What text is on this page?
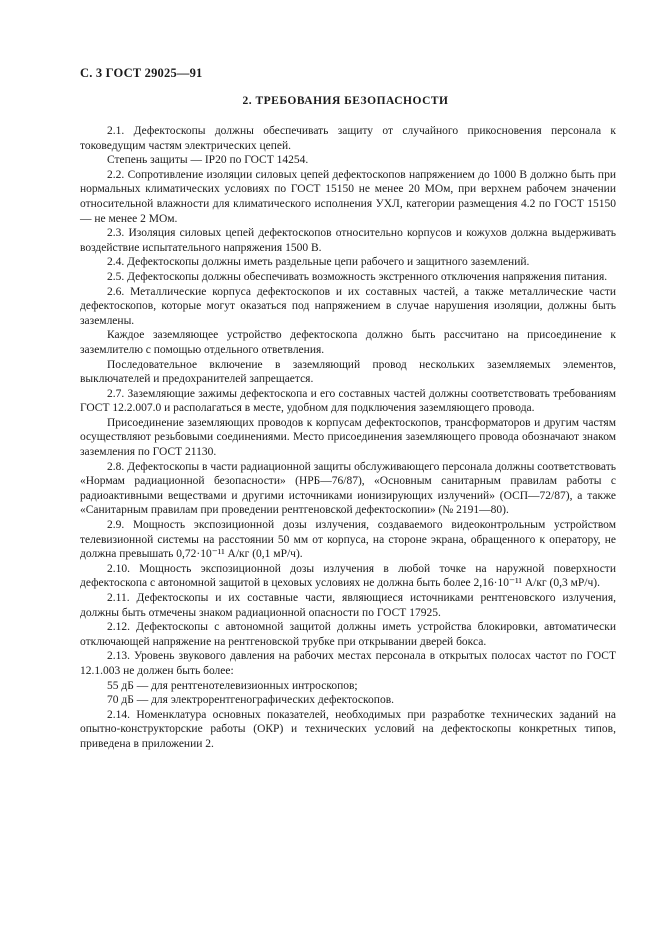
С. 3 ГОСТ 29025—91
2. ТРЕБОВАНИЯ БЕЗОПАСНОСТИ

2.1. Дефектоскопы должны обеспечивать защиту от случайного прикосновения персонала к токоведущим частям электрических цепей.

Степень защиты — IP20 по ГОСТ 14254.

2.2. Сопротивление изоляции силовых цепей дефектоскопов напряжением до 1000 В должно быть при нормальных климатических условиях по ГОСТ 15150 не менее 20 МОм, при верхнем рабочем значении относительной влажности для климатического исполнения УХЛ, категории размещения 4.2 по ГОСТ 15150 — не менее 2 МОм.

2.3. Изоляция силовых цепей дефектоскопов относительно корпусов и кожухов должна выдерживать воздействие испытательного напряжения 1500 В.

2.4. Дефектоскопы должны иметь раздельные цепи рабочего и защитного заземлений.

2.5. Дефектоскопы должны обеспечивать возможность экстренного отключения напряжения питания.

2.6. Металлические корпуса дефектоскопов и их составных частей, а также металлические части дефектоскопов, которые могут оказаться под напряжением в случае нарушения изоляции, должны быть заземлены.

Каждое заземляющее устройство дефектоскопа должно быть рассчитано на присоединение к заземлителю с помощью отдельного ответвления.

Последовательное включение в заземляющий провод нескольких заземляемых элементов, выключателей и предохранителей запрещается.

2.7. Заземляющие зажимы дефектоскопа и его составных частей должны соответствовать требованиям ГОСТ 12.2.007.0 и располагаться в месте, удобном для подключения заземляющего провода.

Присоединение заземляющих проводов к корпусам дефектоскопов, трансформаторов и другим частям осуществляют резьбовыми соединениями. Место присоединения заземляющего провода обозначают знаком заземления по ГОСТ 21130.

2.8. Дефектоскопы в части радиационной защиты обслуживающего персонала должны соответствовать «Нормам радиационной безопасности» (НРБ—76/87), «Основным санитарным правилам работы с радиоактивными веществами и другими источниками ионизирующих излучений» (ОСП—72/87), а также «Санитарным правилам при проведении рентгеновской дефектоскопии» (№ 2191—80).

2.9. Мощность экспозиционной дозы излучения, создаваемого видеоконтрольным устройством телевизионной системы на расстоянии 50 мм от корпуса, на стороне экрана, обращенного к оператору, не должна превышать 0,72·10⁻¹¹ А/кг (0,1 мР/ч).

2.10. Мощность экспозиционной дозы излучения в любой точке на наружной поверхности дефектоскопа с автономной защитой в цеховых условиях не должна быть более 2,16·10⁻¹¹ А/кг (0,3 мР/ч).

2.11. Дефектоскопы и их составные части, являющиеся источниками рентгеновского излучения, должны быть отмечены знаком радиационной опасности по ГОСТ 17925.

2.12. Дефектоскопы с автономной защитой должны иметь устройства блокировки, автоматически отключающей напряжение на рентгеновской трубке при открывании дверей бокса.

2.13. Уровень звукового давления на рабочих местах персонала в открытых полосах частот по ГОСТ 12.1.003 не должен быть более:

55 дБ — для рентгенотелевизионных интроскопов;

70 дБ — для электрорентгенографических дефектоскопов.

2.14. Номенклатура основных показателей, необходимых при разработке технических заданий на опытно-конструкторские работы (ОКР) и технических условий на дефектоскопы конкретных типов, приведена в приложении 2.
